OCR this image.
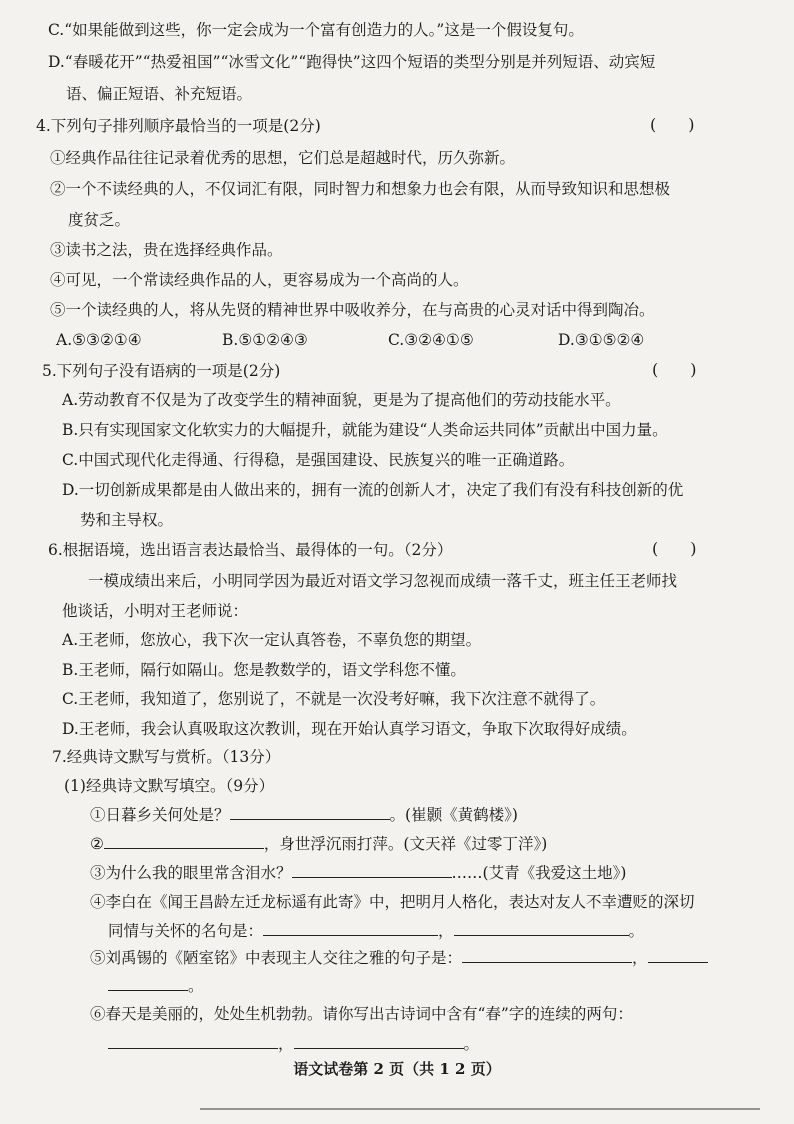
C.“如果能做到这些，你一定会成为一个富有创造力的人。”这是一个假设复句。
D.“春暖花开”“热爱祖国”“冰雪文化”“跑得快”这四个短语的类型分别是并列短语、动宾短
语、偏正短语、补充短语。
4.下列句子排列顺序最恰当的一项是(2分)	(　　)
①经典作品往往记录着优秀的思想，它们总是超越时代，历久弥新。
②一个不读经典的人，不仅词汇有限，同时智力和想象力也会有限，从而导致知识和思想极
度贫乏。
③读书之法，贵在选择经典作品。
④可见，一个常读经典作品的人，更容易成为一个高尚的人。
⑤一个读经典的人，将从先贤的精神世界中吸收养分，在与高贵的心灵对话中得到陶冶。
A.⑤③②①④	B.⑤①②④③	C.③②④①⑤	D.③①⑤②④
5.下列句子没有语病的一项是(2分)	(　　)
A.劳动教育不仅是为了改变学生的精神面貌，更是为了提高他们的劳动技能水平。
B.只有实现国家文化软实力的大幅提升，就能为建设“人类命运共同体”贡献出中国力量。
C.中国式现代化走得通、行得稳，是强国建设、民族复兴的唯一正确道路。
D.一切创新成果都是由人做出来的，拥有一流的创新人才，决定了我们有没有科技创新的优
势和主导权。
6.根据语境，选出语言表达最恰当、最得体的一句。（2分）	(　　)
一模成绩出来后，小明同学因为最近对语文学习忽视而成绩一落千丈，班主任王老师找
他谈话，小明对王老师说：
A.王老师，您放心，我下次一定认真答卷，不辜负您的期望。
B.王老师，隔行如隔山。您是教数学的，语文学科您不懂。
C.王老师，我知道了，您别说了，不就是一次没考好嘛，我下次注意不就得了。
D.王老师，我会认真吸取这次教训，现在开始认真学习语文，争取下次取得好成绩。
7.经典诗文默写与赏析。（13分）
(1)经典诗文默写填空。（9分）
①日暮乡关何处是？	。(崔颢《黄鹤楼》)
②	，身世浮沉雨打萍。(文天祥《过零丁洋》)
③为什么我的眼里常含泪水？	……(艾青《我爱这土地》)
④李白在《闻王昌龄左迁龙标遥有此寄》中，把明月人格化，表达对友人不幸遭贬的深切
同情与关怀的名句是：	，	。
⑤刘禹锡的《陋室铭》中表现主人交往之雅的句子是：	，
。
⑥春天是美丽的，处处生机勃勃。请你写出古诗词中含有“春”字的连续的两句：
，	。
语文试卷第 2 页（共 1 2 页）
